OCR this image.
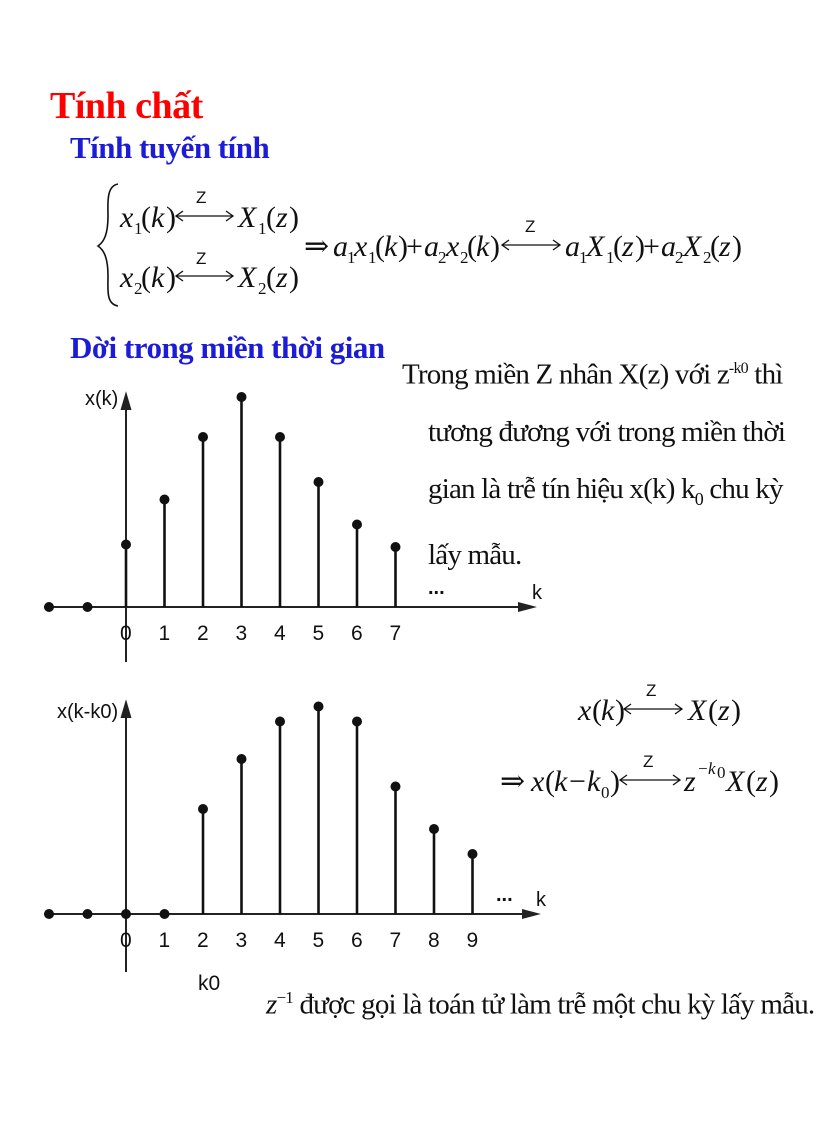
Tính chất
Tính tuyến tính
Dời trong miền thời gian
Trong miền Z nhân X(z) với $z^{-k0}$ thì
tương đương với trong miền thời
gian là trễ tín hiệu x(k) $k_0$ chu kỳ
lấy mẫu.
$z^{-1}$ được gọi là toán tử làm trễ một chu kỳ lấy mẫu.
x 1
( k )
Z
X 1 ( z )
x 2
( k )
Z
X 2 ( z )
⇒ a 1
x 1
( k )
+ a 2 x 2
( k )
Z
a 1
X 1
( z )
+ a 2 X 2
( z )
x ( k )
Z
X ( z )
⇒ x ( k − k 0 )
Z
z − k 0 X ( z )
x(k)
k
...
0 1 2 3 4 5 6 7
x(k-k0)
k
...
k0
0 1 2 3 4 5 6 7 8 9
